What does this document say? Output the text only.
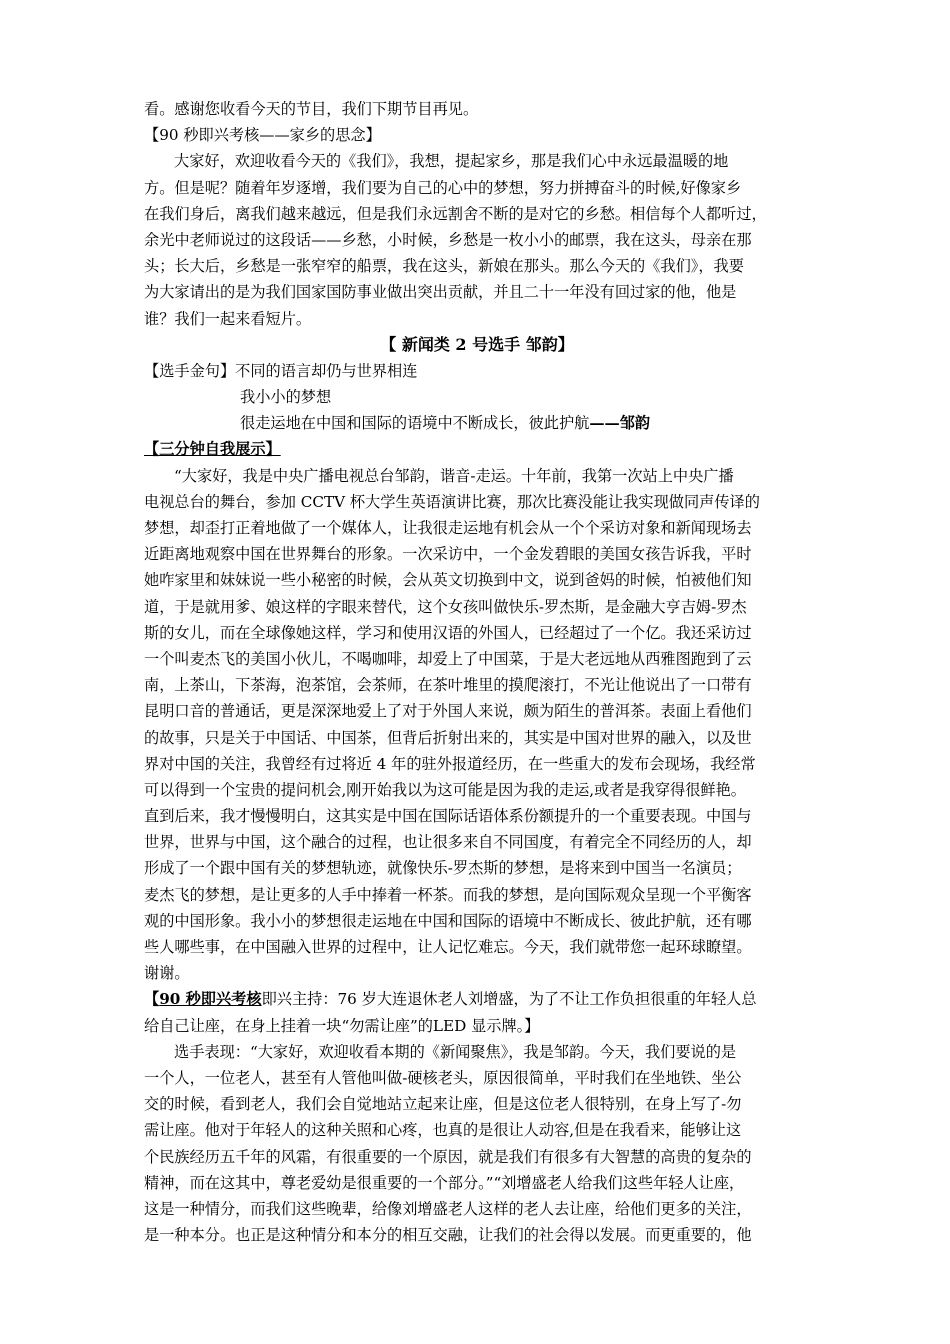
看。感谢您收看今天的节目，我们下期节目再见。
【90 秒即兴考核——家乡的思念】
大家好，欢迎收看今天的《我们》，我想，提起家乡，那是我们心中永远最温暖的地
方。但是呢？随着年岁逐增，我们要为自己的心中的梦想，努力拼搏奋斗的时候,好像家乡
在我们身后，离我们越来越远，但是我们永远割舍不断的是对它的乡愁。相信每个人都听过，
余光中老师说过的这段话——乡愁，小时候，乡愁是一枚小小的邮票，我在这头，母亲在那
头；长大后，乡愁是一张窄窄的船票，我在这头，新娘在那头。那么今天的《我们》，我要
为大家请出的是为我们国家国防事业做出突出贡献，并且二十一年没有回过家的他，他是
谁？我们一起来看短片。
【 新闻类 2 号选手 邹韵】
【选手金句】不同的语言却仍与世界相连
我小小的梦想
很走运地在中国和国际的语境中不断成长，彼此护航——邹韵
【三分钟自我展示】
“大家好，我是中央广播电视总台邹韵，谐音-走运。十年前，我第一次站上中央广播
电视总台的舞台，参加 CCTV 杯大学生英语演讲比赛，那次比赛没能让我实现做同声传译的
梦想，却歪打正着地做了一个媒体人，让我很走运地有机会从一个个采访对象和新闻现场去
近距离地观察中国在世界舞台的形象。一次采访中，一个金发碧眼的美国女孩告诉我，平时
她咋家里和妹妹说一些小秘密的时候，会从英文切换到中文，说到爸妈的时候，怕被他们知
道，于是就用爹、娘这样的字眼来替代，这个女孩叫做快乐-罗杰斯，是金融大亨吉姆-罗杰
斯的女儿，而在全球像她这样，学习和使用汉语的外国人，已经超过了一个亿。我还采访过
一个叫麦杰飞的美国小伙儿，不喝咖啡，却爱上了中国菜，于是大老远地从西雅图跑到了云
南，上茶山，下茶海，泡茶馆，会茶师，在茶叶堆里的摸爬滚打，不光让他说出了一口带有
昆明口音的普通话，更是深深地爱上了对于外国人来说，颇为陌生的普洱茶。表面上看他们
的故事，只是关于中国话、中国茶，但背后折射出来的，其实是中国对世界的融入，以及世
界对中国的关注，我曾经有过将近 4 年的驻外报道经历，在一些重大的发布会现场，我经常
可以得到一个宝贵的提问机会,刚开始我以为这可能是因为我的走运,或者是我穿得很鲜艳。
直到后来，我才慢慢明白，这其实是中国在国际话语体系份额提升的一个重要表现。中国与
世界，世界与中国，这个融合的过程，也让很多来自不同国度，有着完全不同经历的人，却
形成了一个跟中国有关的梦想轨迹，就像快乐-罗杰斯的梦想，是将来到中国当一名演员；
麦杰飞的梦想，是让更多的人手中捧着一杯茶。而我的梦想，是向国际观众呈现一个平衡客
观的中国形象。我小小的梦想很走运地在中国和国际的语境中不断成长、彼此护航，还有哪
些人哪些事，在中国融入世界的过程中，让人记忆难忘。今天，我们就带您一起环球瞭望。
谢谢。
【90 秒即兴考核即兴主持：76 岁大连退休老人刘增盛，为了不让工作负担很重的年轻人总
给自己让座，在身上挂着一块“勿需让座”的LED 显示牌。】
选手表现：“大家好，欢迎收看本期的《新闻聚焦》，我是邹韵。今天，我们要说的是
一个人，一位老人，甚至有人管他叫做-硬核老头，原因很简单，平时我们在坐地铁、坐公
交的时候，看到老人，我们会自觉地站立起来让座，但是这位老人很特别，在身上写了-勿
需让座。他对于年轻人的这种关照和心疼，也真的是很让人动容,但是在我看来，能够让这
个民族经历五千年的风霜，有很重要的一个原因，就是我们有很多有大智慧的高贵的复杂的
精神，而在这其中，尊老爱幼是很重要的一个部分。”“刘增盛老人给我们这些年轻人让座，
这是一种情分，而我们这些晚辈，给像刘增盛老人这样的老人去让座，给他们更多的关注，
是一种本分。也正是这种情分和本分的相互交融，让我们的社会得以发展。而更重要的，他
